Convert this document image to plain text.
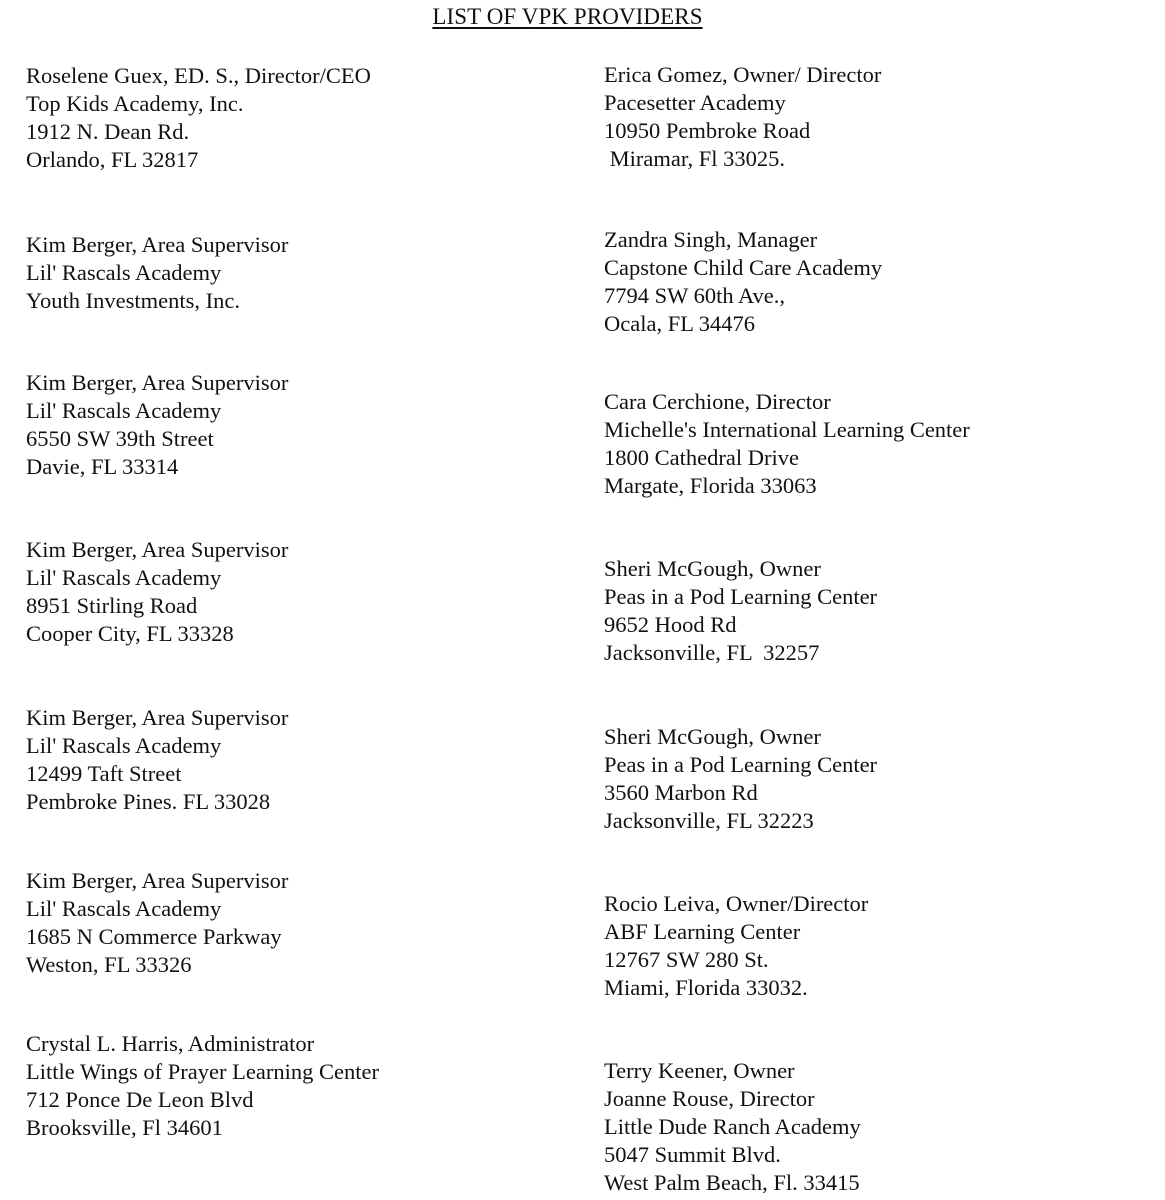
LIST OF VPK PROVIDERS
Roselene Guex, ED. S., Director/CEO
Top Kids Academy, Inc.
1912 N. Dean Rd.
Orlando, FL 32817
Kim Berger, Area Supervisor
Lil' Rascals Academy
Youth Investments, Inc.
Kim Berger, Area Supervisor
Lil' Rascals Academy
6550 SW 39th Street
Davie, FL 33314
Kim Berger, Area Supervisor
Lil' Rascals Academy
8951 Stirling Road
Cooper City, FL 33328
Kim Berger, Area Supervisor
Lil' Rascals Academy
12499 Taft Street
Pembroke Pines. FL 33028
Kim Berger, Area Supervisor
Lil' Rascals Academy
1685 N Commerce Parkway
Weston, FL 33326
Crystal L. Harris, Administrator
Little Wings of Prayer Learning Center
712 Ponce De Leon Blvd
Brooksville, Fl 34601
Erica Gomez, Owner/ Director
Pacesetter Academy
10950 Pembroke Road
Miramar, Fl 33025.
Zandra Singh, Manager
Capstone Child Care Academy
7794 SW 60th Ave.,
Ocala, FL 34476
Cara Cerchione, Director
Michelle's International Learning Center
1800 Cathedral Drive
Margate, Florida 33063
Sheri McGough, Owner
Peas in a Pod Learning Center
9652 Hood Rd
Jacksonville, FL  32257
Sheri McGough, Owner
Peas in a Pod Learning Center
3560 Marbon Rd
Jacksonville, FL 32223
Rocio Leiva, Owner/Director
ABF Learning Center
12767 SW 280 St.
Miami, Florida 33032.
Terry Keener, Owner
Joanne Rouse, Director
Little Dude Ranch Academy
5047 Summit Blvd.
West Palm Beach, Fl. 33415
